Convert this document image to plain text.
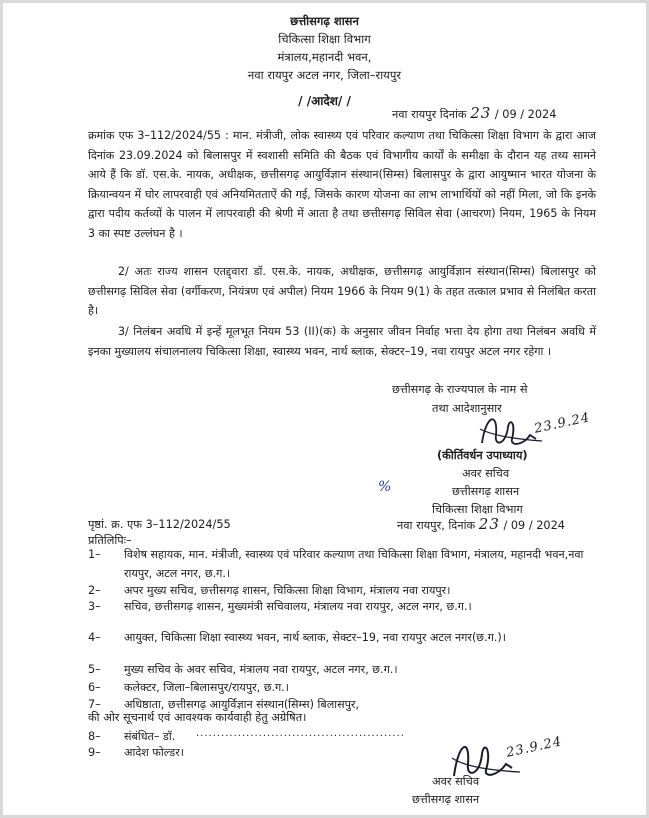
छत्तीसगढ़ शासन
चिकित्सा शिक्षा विभाग
मंत्रालय,महानदी भवन,
नवा रायपुर अटल नगर, जिला–रायपुर
/ /आदेश/ /
नवा रायपुर दिनांक 23 / 09 / 2024
क्रमांक एफ 3–112/2024/55 : मान. मंत्रीजी, लोक स्वास्थ्य एवं परिवार कल्याण तथा चिकित्सा शिक्षा विभाग के द्वारा आज दिनांक 23.09.2024 को बिलासपुर में स्वशासी समिति की बैठक एवं विभागीय कार्यों के समीक्षा के दौरान यह तथ्य सामने आये हैं कि डॉ. एस.के. नायक, अधीक्षक, छत्तीसगढ़ आयुर्विज्ञान संस्थान(सिम्स) बिलासपुर के द्वारा आयुष्मान भारत योजना के क्रियान्वयन में घोर लापरवाही एवं अनियमितताऐं की गई, जिसके कारण योजना का लाभ लाभार्थियों को नहीं मिला, जो कि इनके द्वारा पदीय कर्तव्यों के पालन में लापरवाही की श्रेणी में आता है तथा छत्तीसगढ़ सिविल सेवा (आचरण) नियम, 1965 के नियम 3 का स्पष्ट उल्लंघन है ।
2/ अतः राज्य शासन एतद्द्वारा डॉ. एस.के. नायक, अधीक्षक, छत्तीसगढ़ आयुर्विज्ञान संस्थान(सिम्स) बिलासपुर को छत्तीसगढ़ सिविल सेवा (वर्गीकरण, नियंत्रण एवं अपील) नियम 1966 के नियम 9(1) के तहत तत्काल प्रभाव से निलंबित करता है।
3/ निलंबन अवधि में इन्हें मूलभूत नियम 53 (II)(क) के अनुसार जीवन निर्वाह भत्ता देय होगा तथा निलंबन अवधि में इनका मुख्यालय संचालनालय चिकित्सा शिक्षा, स्वास्थ्य भवन, नार्थ ब्लाक, सेक्टर–19, नवा रायपुर अटल नगर रहेगा ।
छत्तीसगढ़ के राज्यपाल के नाम से
तथा आदेशानुसार
23.9.24
(कीर्तिवर्धन उपाध्याय)
अवर सचिव
छत्तीसगढ़ शासन
चिकित्सा शिक्षा विभाग
%
पृष्ठां. क्र. एफ 3–112/2024/55	नवा रायपुर, दिनांक 23 / 09 / 2024
प्रतिलिपिः–
1– विशेष सहायक, मान. मंत्रीजी, स्वास्थ्य एवं परिवार कल्याण तथा चिकित्सा शिक्षा विभाग, मंत्रालय, महानदी भवन,नवा रायपुर, अटल नगर, छ.ग.।
2– अपर मुख्य सचिव, छत्तीसगढ़ शासन, चिकित्सा शिक्षा विभाग, मंत्रालय नवा रायपुर।
3– सचिव, छत्तीसगढ़ शासन, मुख्यमंत्री सचिवालय, मंत्रालय नवा रायपुर, अटल नगर, छ.ग.।
4– आयुक्त, चिकित्सा शिक्षा स्वास्थ्य भवन, नार्थ ब्लाक, सेक्टर–19, नवा रायपुर अटल नगर(छ.ग.)।
5– मुख्य सचिव के अवर सचिव, मंत्रालय नवा रायपुर, अटल नगर, छ.ग.।
6– कलेक्टर, जिला–बिलासपुर/रायपुर, छ.ग.।
7– अधिष्ठाता, छत्तीसगढ़ आयुर्विज्ञान संस्थान(सिम्स) बिलासपुर,
की ओर सूचनार्थ एवं आवश्यक कार्यवाही हेतु अग्रेषित।
8– संबंधित– डॉ.	..................................................
9– आदेश फोल्डर।	23.9.24
अवर सचिव
छत्तीसगढ़ शासन
